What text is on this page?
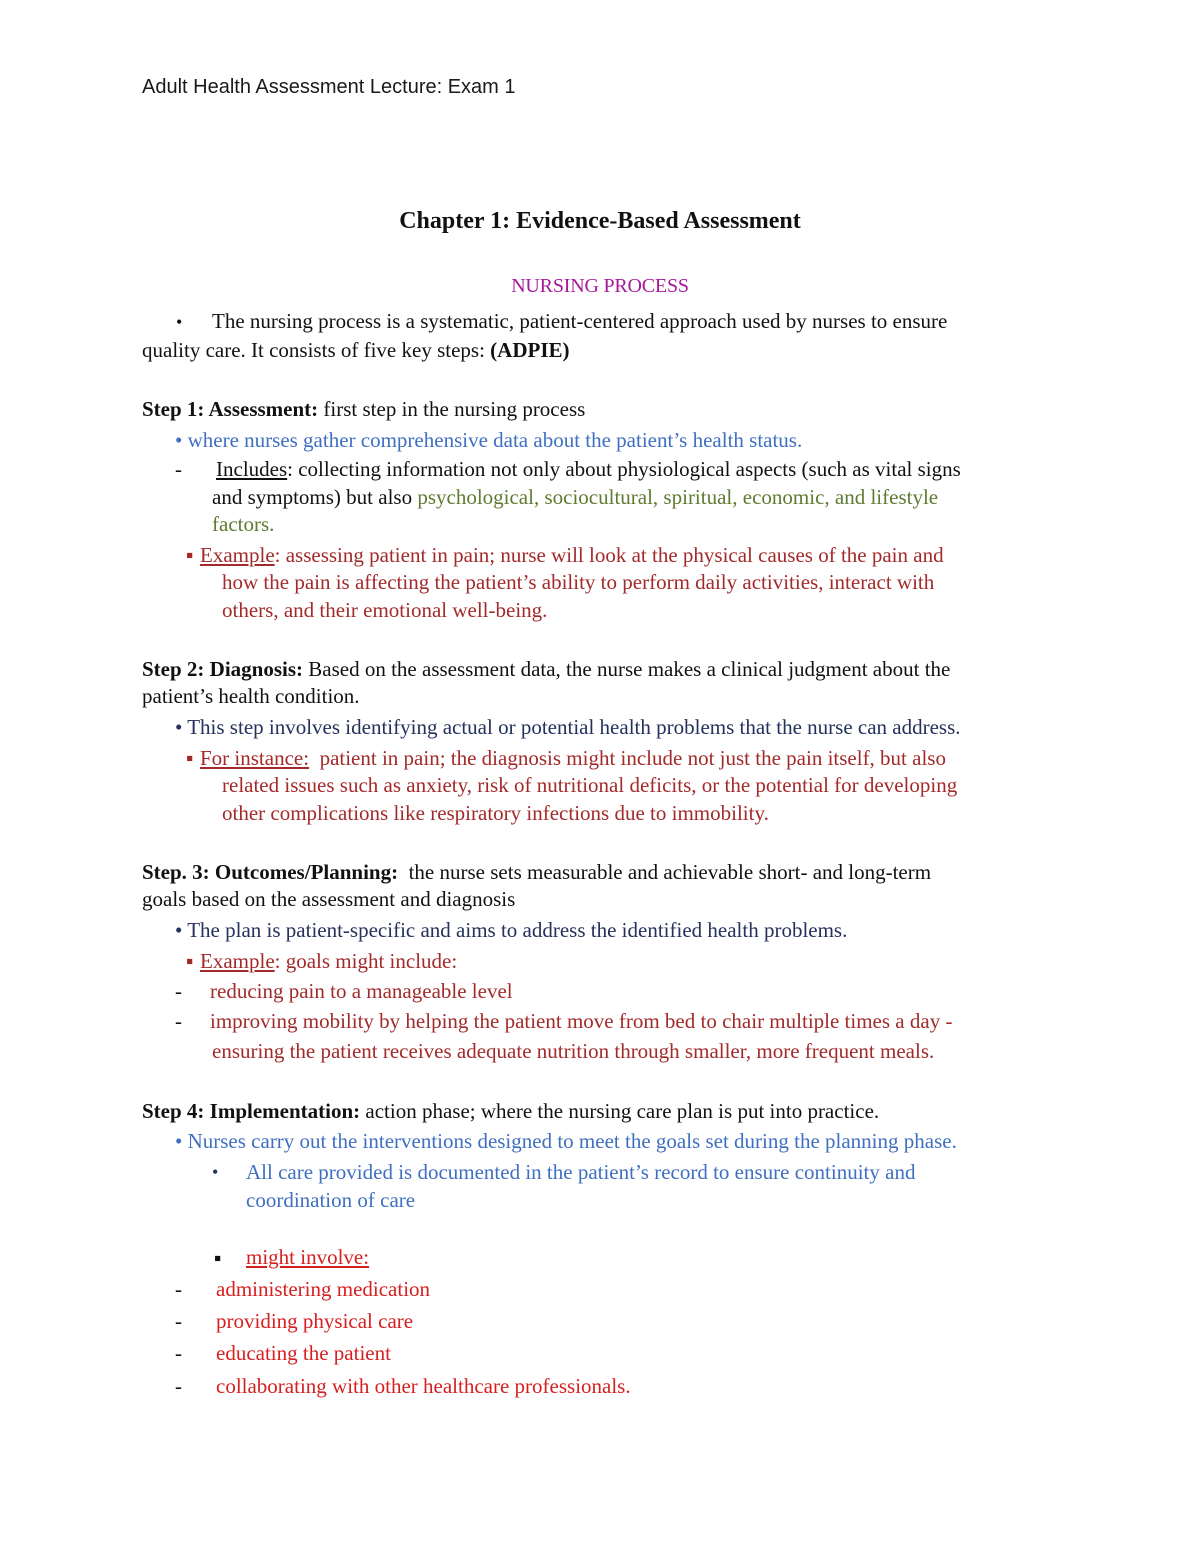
Adult Health Assessment Lecture: Exam 1
Chapter 1: Evidence-Based Assessment
NURSING PROCESS
• The nursing process is a systematic, patient-centered approach used by nurses to ensure
quality care. It consists of five key steps: (ADPIE)
Step 1: Assessment: first step in the nursing process
• where nurses gather comprehensive data about the patient’s health status.
- Includes: collecting information not only about physiological aspects (such as vital signs
and symptoms) but also psychological, sociocultural, spiritual, economic, and lifestyle
factors.
▪ Example: assessing patient in pain; nurse will look at the physical causes of the pain and
how the pain is affecting the patient’s ability to perform daily activities, interact with
others, and their emotional well-being.
Step 2: Diagnosis: Based on the assessment data, the nurse makes a clinical judgment about the
patient’s health condition.
• This step involves identifying actual or potential health problems that the nurse can address.
▪ For instance:  patient in pain; the diagnosis might include not just the pain itself, but also
related issues such as anxiety, risk of nutritional deficits, or the potential for developing
other complications like respiratory infections due to immobility.
Step. 3: Outcomes/Planning:  the nurse sets measurable and achievable short- and long-term
goals based on the assessment and diagnosis
• The plan is patient-specific and aims to address the identified health problems.
▪ Example: goals might include:
- reducing pain to a manageable level
- improving mobility by helping the patient move from bed to chair multiple times a day -
ensuring the patient receives adequate nutrition through smaller, more frequent meals.
Step 4: Implementation: action phase; where the nursing care plan is put into practice.
• Nurses carry out the interventions designed to meet the goals set during the planning phase.
• All care provided is documented in the patient’s record to ensure continuity and
coordination of care
▪ might involve:
- administering medication
- providing physical care
- educating the patient
- collaborating with other healthcare professionals.
